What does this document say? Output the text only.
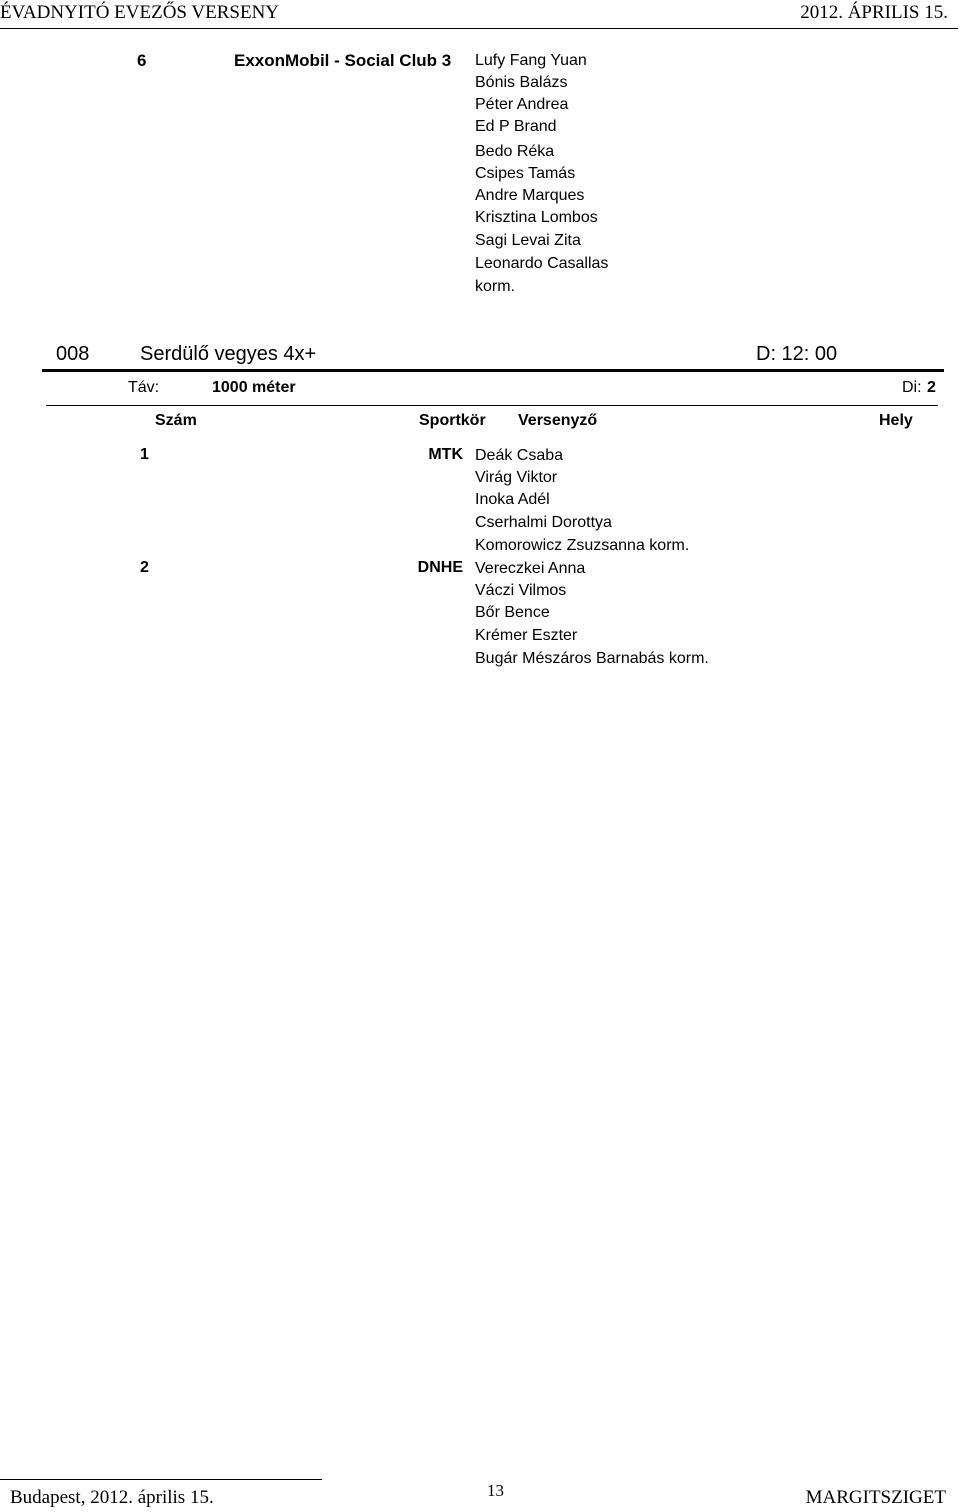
ÉVADNYITÓ EVEZŐS VERSENY	2012. ÁPRILIS 15.
6	ExxonMobil - Social Club 3 Lufy Fang Yuan
Bónis Balázs
Péter Andrea
Ed P Brand
Bedo Réka
Csipes Tamás
Andre Marques
Krisztina Lombos
Sagi Levai Zita
Leonardo Casallas
korm.
008	Serdülő vegyes 4x+	D: 12: 00
Táv:	1000 méter	Di: 2
Szám	Sportkör Versenyző	Hely
1	MTK Deák Csaba
Virág Viktor
Inoka Adél
Cserhalmi Dorottya
Komorowicz Zsuzsanna korm.
2	DNHE Vereczkei Anna
Váczi Vilmos
Bőr Bence
Krémer Eszter
Bugár Mészáros Barnabás korm.
Budapest, 2012. április 15.	13	MARGITSZIGET
